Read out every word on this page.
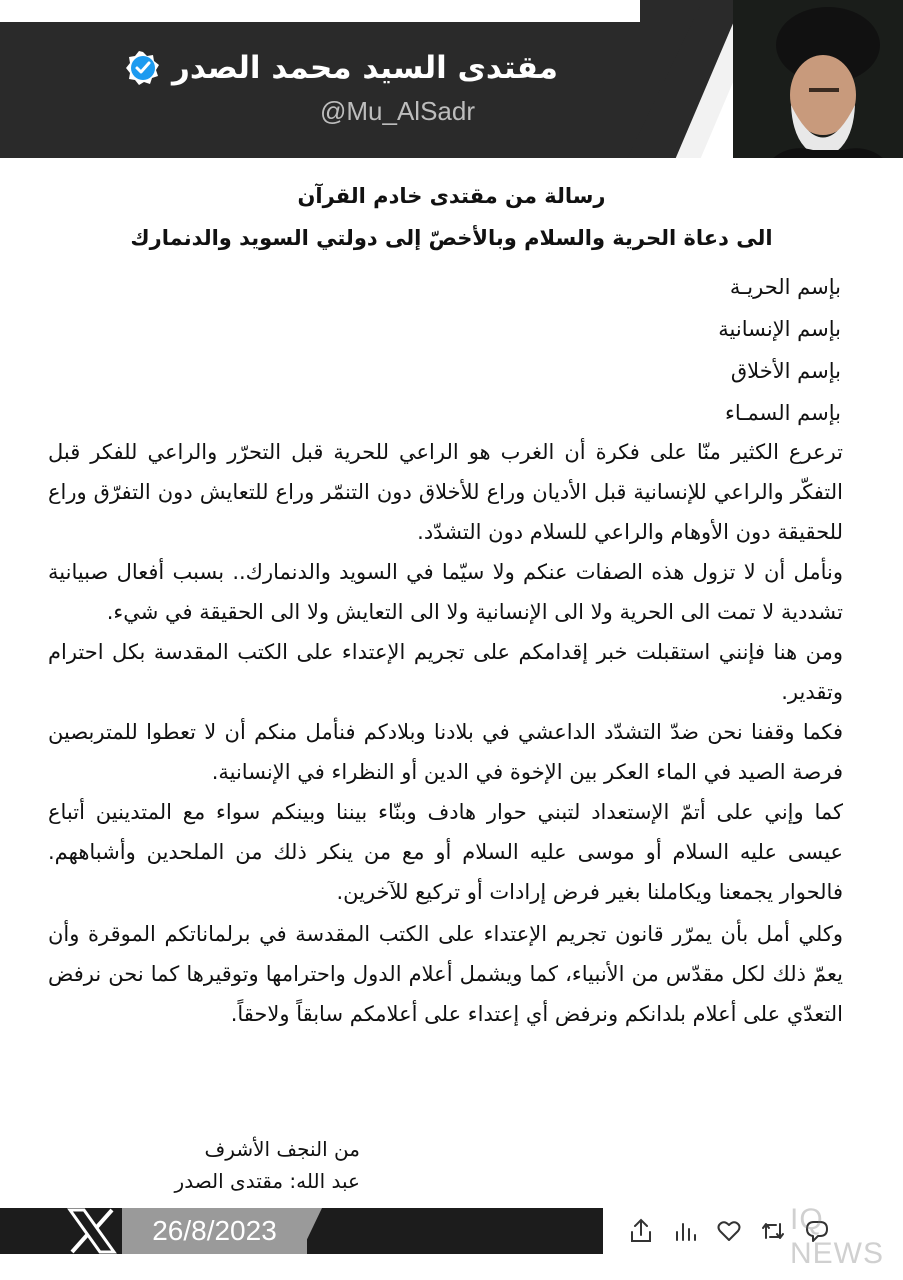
مقتدى السيد محمد الصدر
@Mu_AlSadr
رسالة من مقتدى خادم القرآن
الى دعاة الحرية والسلام وبالأخصّ إلى دولتي السويد والدنمارك
بإسم الحريـة
بإسم الإنسانية
بإسم الأخلاق
بإسم السمـاء

ترعرع الكثير منّا على فكرة أن الغرب هو الراعي للحرية قبل التحرّر والراعي للفكر قبل التفكّر والراعي للإنسانية قبل الأديان وراع للأخلاق دون التنمّر وراع للتعايش دون التفرّق وراع للحقيقة دون الأوهام والراعي للسلام دون التشدّد.

ونأمل أن لا تزول هذه الصفات عنكم ولا سيّما في السويد والدنمارك.. بسبب أفعال صبيانية تشددية لا تمت الى الحرية ولا الى الإنسانية ولا الى التعايش ولا الى الحقيقة في شيء.

ومن هنا فإنني استقبلت خبر إقدامكم على تجريم الإعتداء على الكتب المقدسة بكل احترام وتقدير.

فكما وقفنا نحن ضدّ التشدّد الداعشي في بلادنا وبلادكم فنأمل منكم أن لا تعطوا للمتربصين فرصة الصيد في الماء العكر بين الإخوة في الدين أو النظراء في الإنسانية.

كما وإني على أتمّ الإستعداد لتبني حوار هادف وبنّاء بيننا وبينكم سواء مع المتدينين أتباع عيسى عليه السلام أو موسى عليه السلام أو مع من ينكر ذلك من الملحدين وأشباههم. فالحوار يجمعنا ويكاملنا بغير فرض إرادات أو تركيع للآخرين.

وكلي أمل بأن يمرّر قانون تجريم الإعتداء على الكتب المقدسة في برلماناتكم الموقرة وأن يعمّ ذلك لكل مقدّس من الأنبياء، كما ويشمل أعلام الدول واحترامها وتوقيرها كما نحن نرفض التعدّي على أعلام بلدانكم ونرفض أي إعتداء على أعلامكم سابقاً ولاحقاً.

من النجف الأشرف
عبد الله: مقتدى الصدر
26/8/2023	IQ NEWS
